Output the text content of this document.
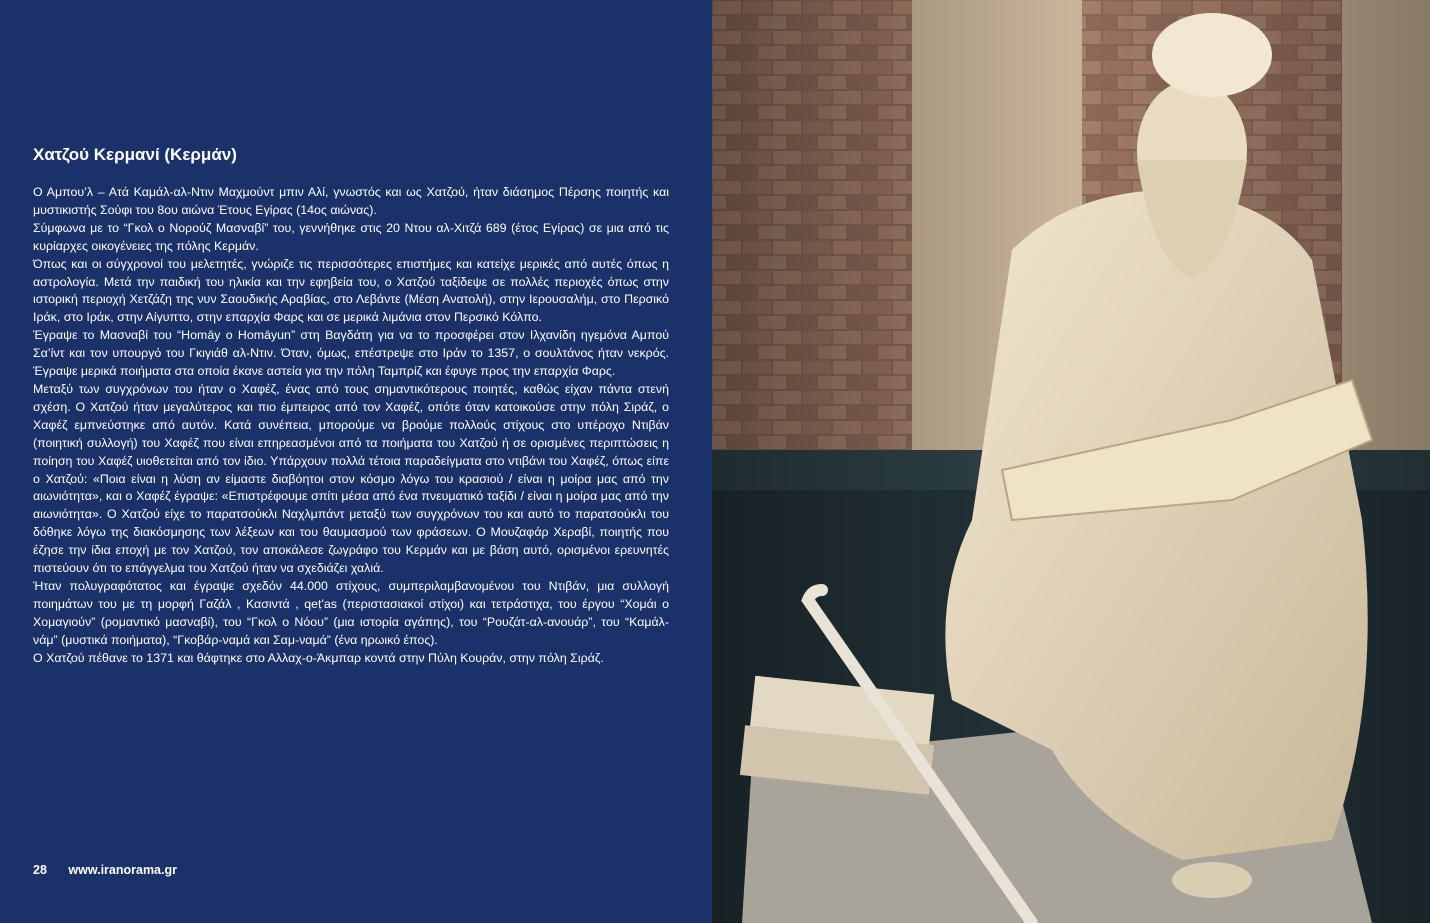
Χατζού Κερμανί (Κερμάν)

Ο Αμπου’λ – Ατά Καμάλ-αλ-Ντιν Μαχμούντ μπιν Αλί, γνωστός και ως Χατζού, ήταν διάσημος Πέρσης ποιητής και μυστικιστής Σούφι του 8ου αιώνα Έτους Εγίρας (14ος αιώνας).

Σύμφωνα με το “Γκολ ο Νορούζ Μασναβί” του, γεννήθηκε στις 20 Ντου αλ-Χιτζά 689 (έτος Εγίρας) σε μια από τις κυρίαρχες οικογένειες της πόλης Κερμάν.

Όπως και οι σύγχρονοί του μελετητές, γνώριζε τις περισσότερες επιστήμες και κατείχε μερικές από αυτές όπως η αστρολογία. Μετά την παιδική του ηλικία και την εφηβεία του, ο Χατζού ταξίδεψε σε πολλές περιοχές όπως στην ιστορική περιοχή Χετζάζη της νυν Σαουδικής Αραβίας, στο Λεβάντε (Μέση Ανατολή), στην Ιερουσαλήμ, στο Περσικό Ιράκ, στο Ιράκ, στην Αίγυπτο, στην επαρχία Φαρς και σε μερικά λιμάνια στον Περσικό Κόλπο.

Έγραψε το Μασναβί του “Homāy o Homāyun” στη Βαγδάτη για να το προσφέρει στον Ιλχανίδη ηγεμόνα Αμπού Σα’ίντ και τον υπουργό του Γκιγιάθ αλ-Ντιν. Όταν, όμως, επέστρεψε στο Ιράν το 1357, ο σουλτάνος ήταν νεκρός. Έγραψε μερικά ποιήματα στα οποία έκανε αστεία για την πόλη Ταμπρίζ και έφυγε προς την επαρχία Φαρς.

Μεταξύ των συγχρόνων του ήταν ο Χαφέζ, ένας από τους σημαντικότερους ποιητές, καθώς είχαν πάντα στενή σχέση. Ο Χατζού ήταν μεγαλύτερος και πιο έμπειρος από τον Χαφέζ, οπότε όταν κατοικούσε στην πόλη Σιράζ, ο Χαφέζ εμπνεύστηκε από αυτόν. Κατά συνέπεια, μπορούμε να βρούμε πολλούς στίχους στο υπέροχο Ντιβάν (ποιητική συλλογή) του Χαφέζ που είναι επηρεασμένοι από τα ποιήματα του Χατζού ή σε ορισμένες περιπτώσεις η ποίηση του Χαφέζ υιοθετείται από τον ίδιο. Υπάρχουν πολλά τέτοια παραδείγματα στο ντιβάνι του Χαφέζ, όπως είπε ο Χατζού: «Ποια είναι η λύση αν είμαστε διαβόητοι στον κόσμο λόγω του κρασιού / είναι η μοίρα μας από την αιωνιότητα», και ο Χαφέζ έγραψε: «Επιστρέφουμε σπίτι μέσα από ένα πνευματικό ταξίδι / είναι η μοίρα μας από την αιωνιότητα». Ο Χατζού είχε το παρατσούκλι Ναχλμπάντ μεταξύ των συγχρόνων του και αυτό το παρατσούκλι του δόθηκε λόγω της διακόσμησης των λέξεων και του θαυμασμού των φράσεων. Ο Μουζαφάρ Χεραβί, ποιητής που έζησε την ίδια εποχή με τον Χατζού, τον αποκάλεσε ζωγράφο του Κερμάν και με βάση αυτό, ορισμένοι ερευνητές πιστεύουν ότι το επάγγελμα του Χατζού ήταν να σχεδιάζει χαλιά.

Ήταν πολυγραφότατος και έγραψε σχεδόν 44.000 στίχους, συμπεριλαμβανομένου του Ντιβάν, μια συλλογή ποιημάτων του με τη μορφή Γαζάλ , Κασιντά , qeṭ'as (περιστασιακοί στίχοι) και τετράστιχα, του έργου “Χομάι ο Χομαγιούν” (ρομαντικό μασναβί), του “Γκολ ο Νόου” (μια ιστορία αγάπης), του “Ρουζάτ-αλ-ανουάρ”, του “Καμάλ-νάμ” (μυστικά ποιήματα), “Γκοβάρ-ναμά και Σαμ-ναμά” (ένα ηρωικό έπος).

Ο Χατζού πέθανε το 1371 και θάφτηκε στο Αλλαχ-ο-Άκμπαρ κοντά στην Πύλη Κουράν, στην πόλη Σιράζ.

28 www.iranorama.gr
